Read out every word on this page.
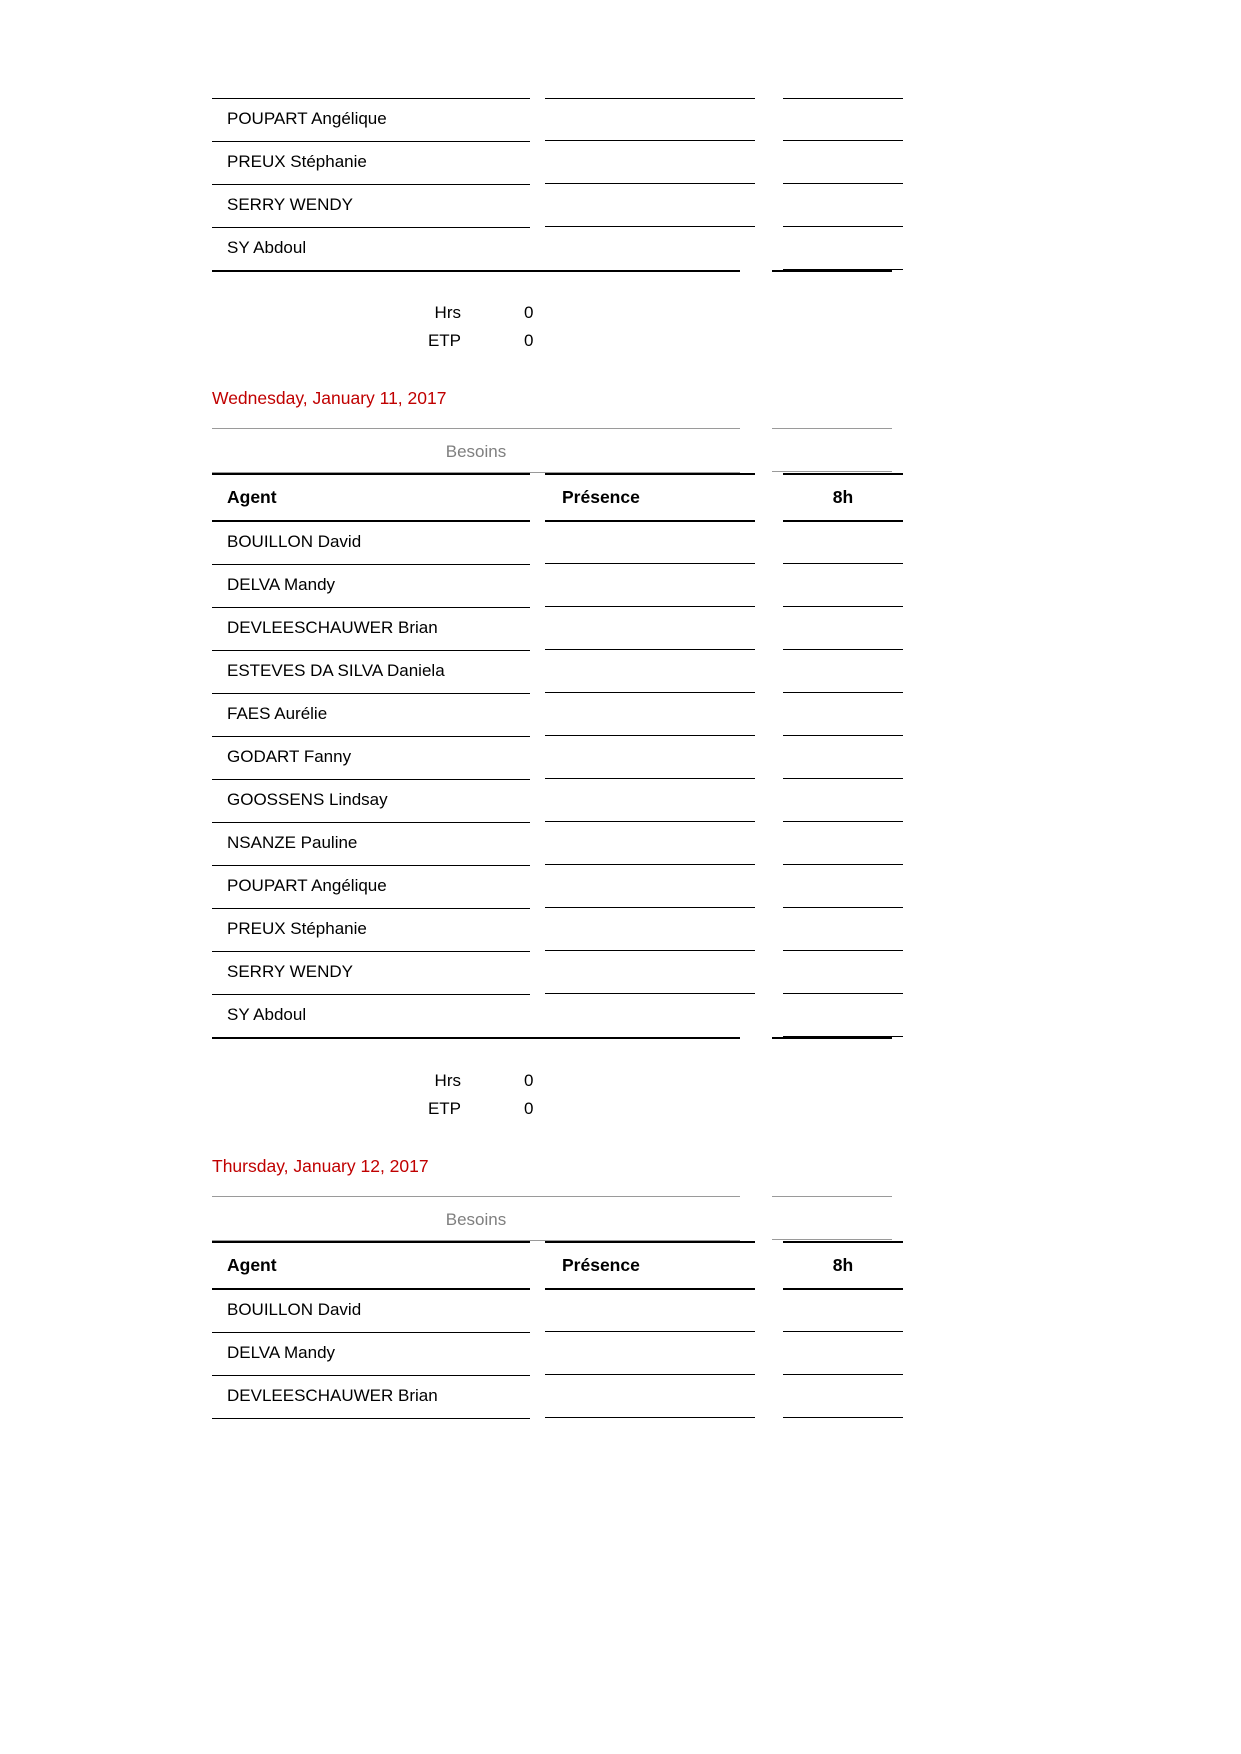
POUPART Angélique
PREUX Stéphanie
SERRY WENDY
SY Abdoul
Hrs	0
ETP	0
Wednesday, January 11, 2017
Besoins
Agent	Présence	8h
BOUILLON David
DELVA Mandy
DEVLEESCHAUWER Brian
ESTEVES DA SILVA Daniela
FAES Aurélie
GODART Fanny
GOOSSENS Lindsay
NSANZE Pauline
POUPART Angélique
PREUX Stéphanie
SERRY WENDY
SY Abdoul
Hrs	0
ETP	0
Thursday, January 12, 2017
Besoins
Agent	Présence	8h
BOUILLON David
DELVA Mandy
DEVLEESCHAUWER Brian
